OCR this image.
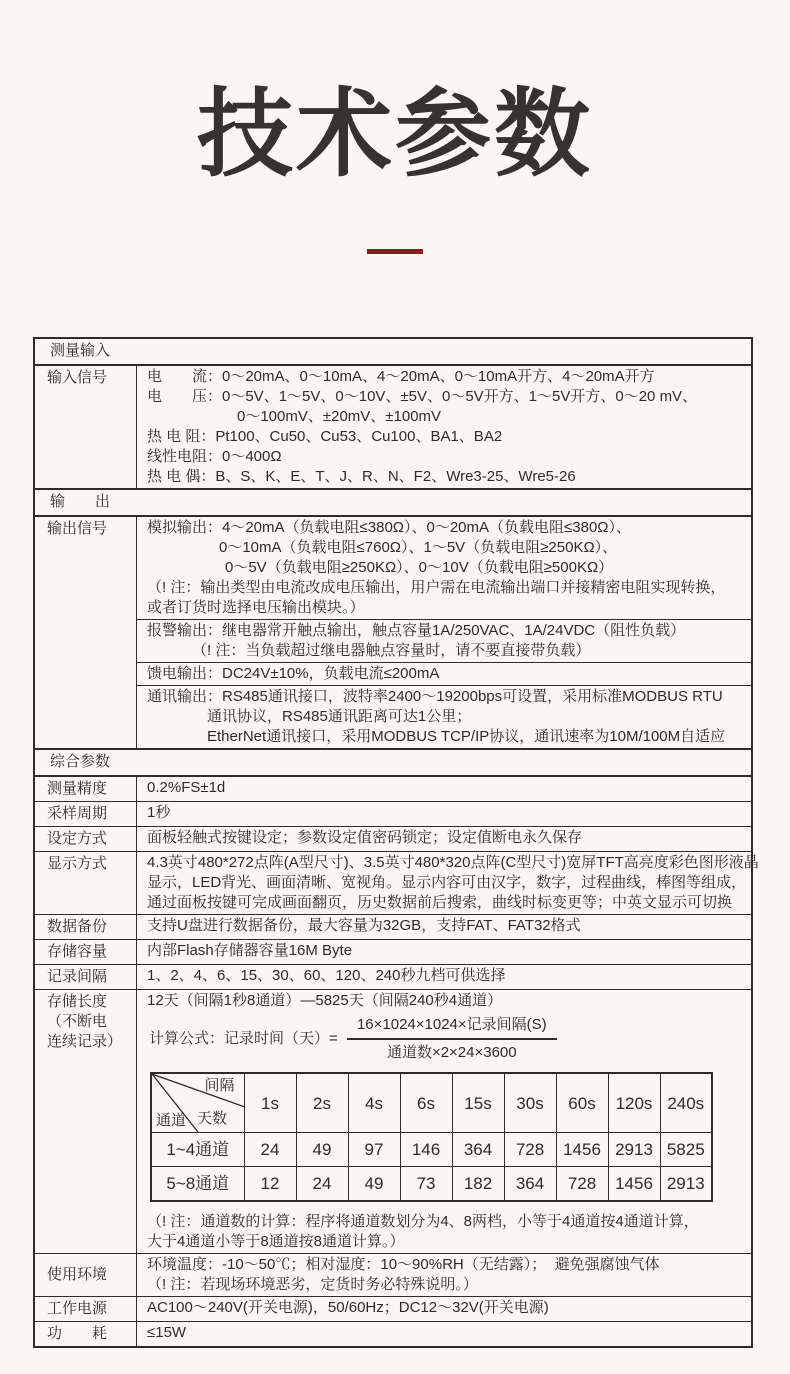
技术参数
测量输入
输入信号	电　　流：0～20mA、0～10mA、4～20mA、0～10mA开方、4～20mA开方
电　　压：0～5V、1～5V、0～10V、±5V、0～5V开方、1～5V开方、0～20 mV、
0～100mV、±20mV、±100mV
热 电 阻：Pt100、Cu50、Cu53、Cu100、BA1、BA2
线性电阻：0～400Ω
热 电 偶：B、S、K、E、T、J、R、N、F2、Wre3-25、Wre5-26
输　　出
输出信号	模拟输出：4～20mA（负载电阻≤380Ω）、0～20mA（负载电阻≤380Ω）、
0～10mA（负载电阻≤760Ω）、1～5V（负载电阻≥250KΩ）、
0～5V（负载电阻≥250KΩ）、0～10V（负载电阻≥500KΩ）
（! 注：输出类型由电流改成电压输出，用户需在电流输出端口并接精密电阻实现转换，
或者订货时选择电压输出模块。）
报警输出：继电器常开触点输出，触点容量1A/250VAC、1A/24VDC（阻性负载）
（! 注：当负载超过继电器触点容量时，请不要直接带负载）
馈电输出：DC24V±10%，负载电流≤200mA
通讯输出：RS485通讯接口，波特率2400～19200bps可设置，采用标准MODBUS RTU
通讯协议，RS485通讯距离可达1公里；
EtherNet通讯接口，采用MODBUS TCP/IP协议，通讯速率为10M/100M自适应
综合参数
测量精度	0.2%FS±1d
采样周期	1秒
设定方式	面板轻触式按键设定；参数设定值密码锁定；设定值断电永久保存
显示方式	4.3英寸480*272点阵(A型尺寸)、3.5英寸480*320点阵(C型尺寸)宽屏TFT高亮度彩色图形液晶
显示，LED背光、画面清晰、宽视角。显示内容可由汉字，数字，过程曲线，棒图等组成，
通过面板按键可完成画面翻页，历史数据前后搜索，曲线时标变更等；中英文显示可切换
数据备份	支持U盘进行数据备份，最大容量为32GB，支持FAT、FAT32格式
存储容量	内部Flash存储器容量16M Byte
记录间隔	1、2、4、6、15、30、60、120、240秒九档可供选择
存储长度
（不断电
连续记录）
12天（间隔1秒8通道）—5825天（间隔240秒4通道）
计算公式：记录时间（天）= $\frac{\text{16×1024×1024×记录间隔(S)}}{\text{通道数×2×24×3600}}$
间隔
天数
通道	1s	2s	4s	6s	15s	30s	60s	120s	240s
1~4通道	24	49	97	146	364	728	1456	2913	5825
5~8通道	12	24	49	73	182	364	728	1456	2913
（! 注：通道数的计算：程序将通道数划分为4、8两档，小等于4通道按4通道计算，
大于4通道小等于8通道按8通道计算。）
使用环境
环境温度：-10～50℃；相对湿度：10～90%RH（无结露）；  避免强腐蚀气体
（! 注：若现场环境恶劣，定货时务必特殊说明。）
工作电源	AC100～240V(开关电源)，50/60Hz；DC12～32V(开关电源)
功　　耗	≤15W
